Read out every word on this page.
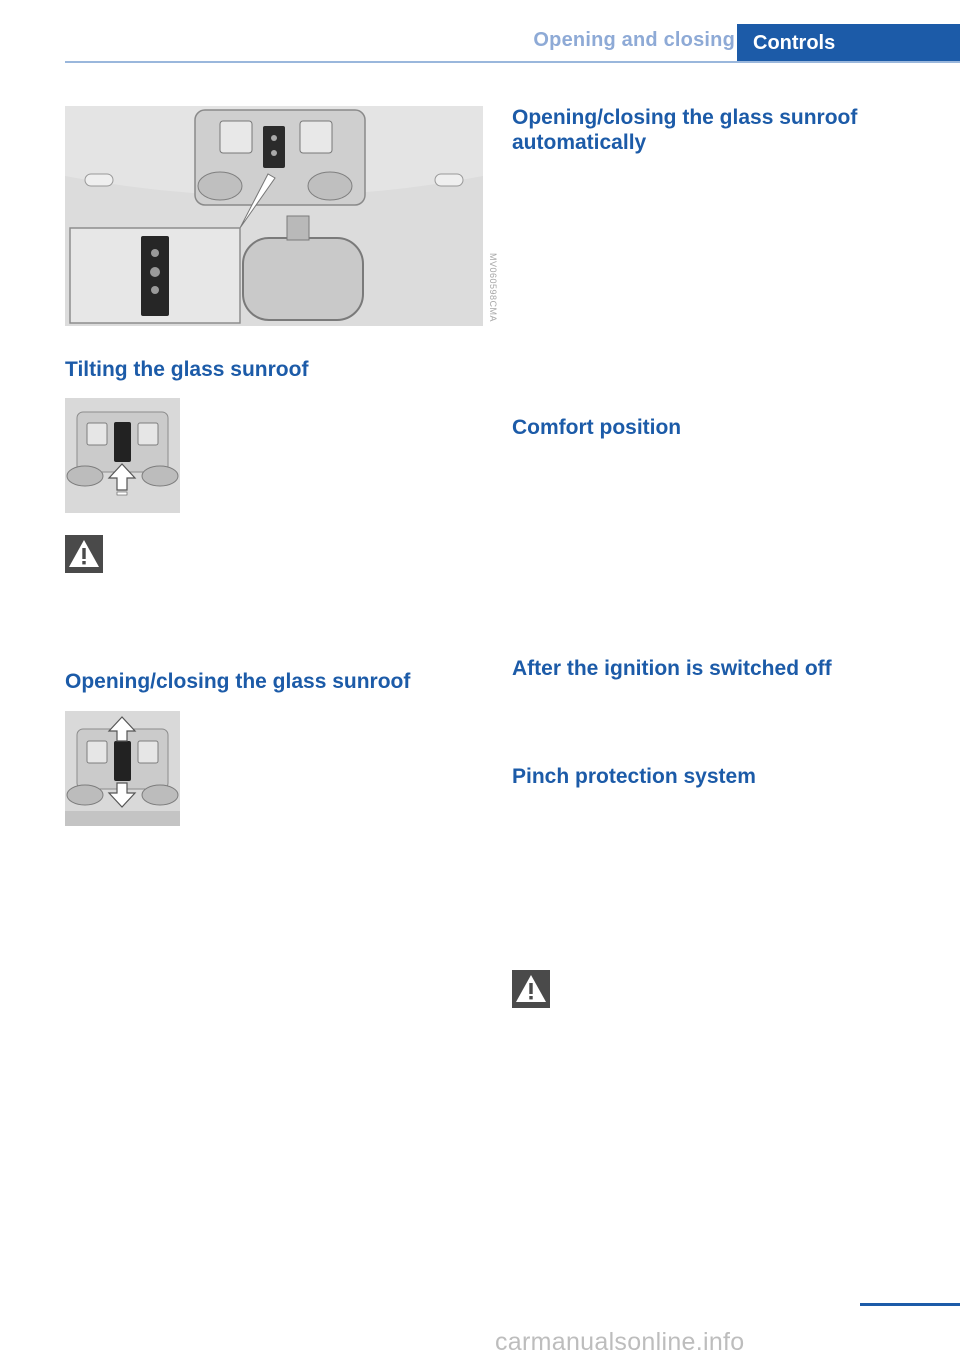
Opening and closing Controls
MV060598CMA
Tilting the glass sunroof
Opening/closing the glass sunroof
Opening/closing the glass sunroof
automatically
Comfort position
After the ignition is switched off
Pinch protection system
carmanualsonline.info
